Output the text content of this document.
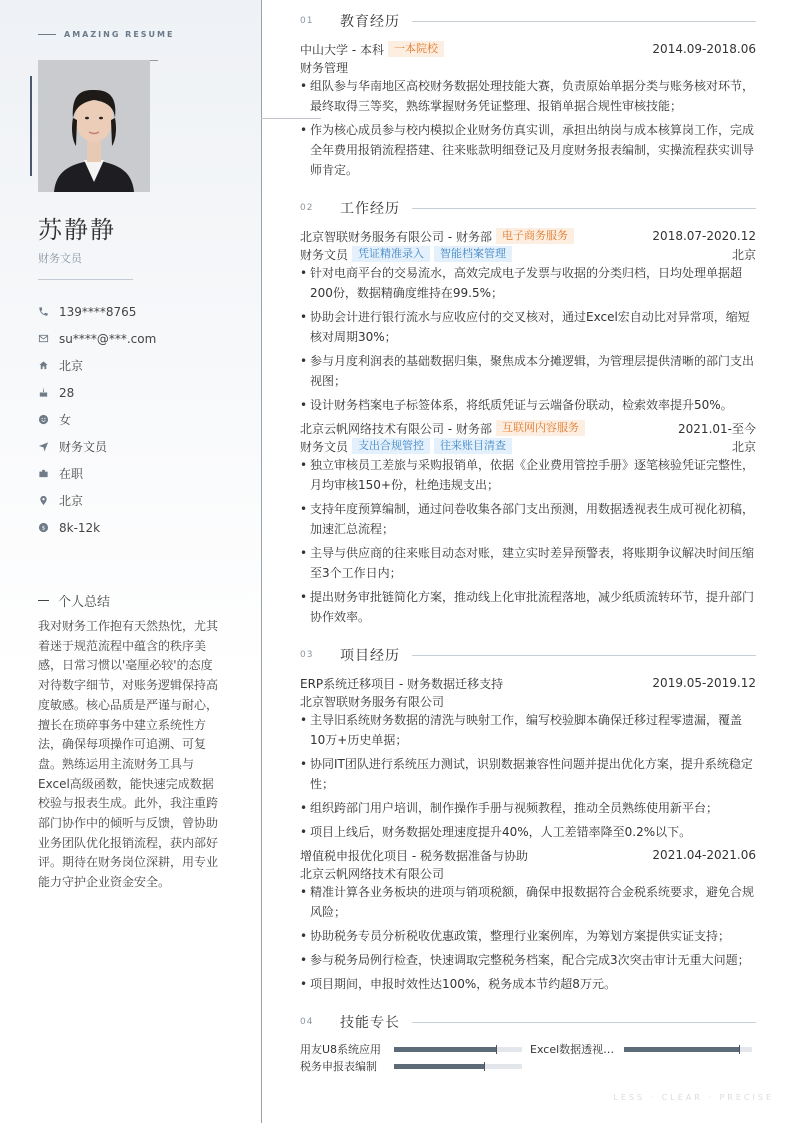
AMAZING RESUME
苏静静
财务文员
139****8765
su****@***.com
北京
28
女
财务文员
在职
北京
$ 8k-12k
个人总结
我对财务工作抱有天然热忱，尤其着迷于规范流程中蕴含的秩序美感，日常习惯以'毫厘必较'的态度对待数字细节，对账务逻辑保持高度敏感。核心品质是严谨与耐心，擅长在琐碎事务中建立系统性方法，确保每项操作可追溯、可复盘。熟练运用主流财务工具与Excel高级函数，能快速完成数据校验与报表生成。此外，我注重跨部门协作中的倾听与反馈，曾协助业务团队优化报销流程，获内部好评。期待在财务岗位深耕，用专业能力守护企业资金安全。
01	教育经历
中山大学 - 本科 一本院校	2014.09-2018.06
财务管理
• 组队参与华南地区高校财务数据处理技能大赛，负责原始单据分类与账务核对环节，最终取得三等奖，熟练掌握财务凭证整理、报销单据合规性审核技能；
• 作为核心成员参与校内模拟企业财务仿真实训，承担出纳岗与成本核算岗工作，完成全年费用报销流程搭建、往来账款明细登记及月度财务报表编制，实操流程获实训导师肯定。
02	工作经历
北京智联财务服务有限公司 - 财务部 电子商务服务	2018.07-2020.12
财务文员 凭证精准录入	智能档案管理	北京
• 针对电商平台的交易流水，高效完成电子发票与收据的分类归档，日均处理单据超200份，数据精确度维持在99.5%；
• 协助会计进行银行流水与应收应付的交叉核对，通过Excel宏自动比对异常项，缩短核对周期30%；
• 参与月度利润表的基础数据归集，聚焦成本分摊逻辑，为管理层提供清晰的部门支出视图；
• 设计财务档案电子标签体系，将纸质凭证与云端备份联动，检索效率提升50%。
北京云帆网络技术有限公司 - 财务部 互联网内容服务	2021.01-至今
财务文员 支出合规管控	往来账目清查	北京
• 独立审核员工差旅与采购报销单，依据《企业费用管控手册》逐笔核验凭证完整性，月均审核150+份，杜绝违规支出；
• 支持年度预算编制，通过问卷收集各部门支出预测，用数据透视表生成可视化初稿，加速汇总流程；
• 主导与供应商的往来账目动态对账，建立实时差异预警表，将账期争议解决时间压缩至3个工作日内；
• 提出财务审批链简化方案，推动线上化审批流程落地，减少纸质流转环节，提升部门协作效率。
03	项目经历
ERP系统迁移项目 - 财务数据迁移支持	2019.05-2019.12
北京智联财务服务有限公司
• 主导旧系统财务数据的清洗与映射工作，编写校验脚本确保迁移过程零遗漏，覆盖10万+历史单据；
• 协同IT团队进行系统压力测试，识别数据兼容性问题并提出优化方案，提升系统稳定性；
• 组织跨部门用户培训，制作操作手册与视频教程，推动全员熟练使用新平台；
• 项目上线后，财务数据处理速度提升40%，人工差错率降至0.2%以下。
增值税申报优化项目 - 税务数据准备与协助	2021.04-2021.06
北京云帆网络技术有限公司
• 精准计算各业务板块的进项与销项税额，确保申报数据符合金税系统要求，避免合规风险；
• 协助税务专员分析税收优惠政策，整理行业案例库，为筹划方案提供实证支持；
• 参与税务局例行检查，快速调取完整税务档案，配合完成3次突击审计无重大问题；
• 项目期间，申报时效性达100%，税务成本节约超8万元。
04	技能专长
用友U8系统应用	Excel数据透视…
税务申报表编制
LESS · CLEAR · PRECISE
